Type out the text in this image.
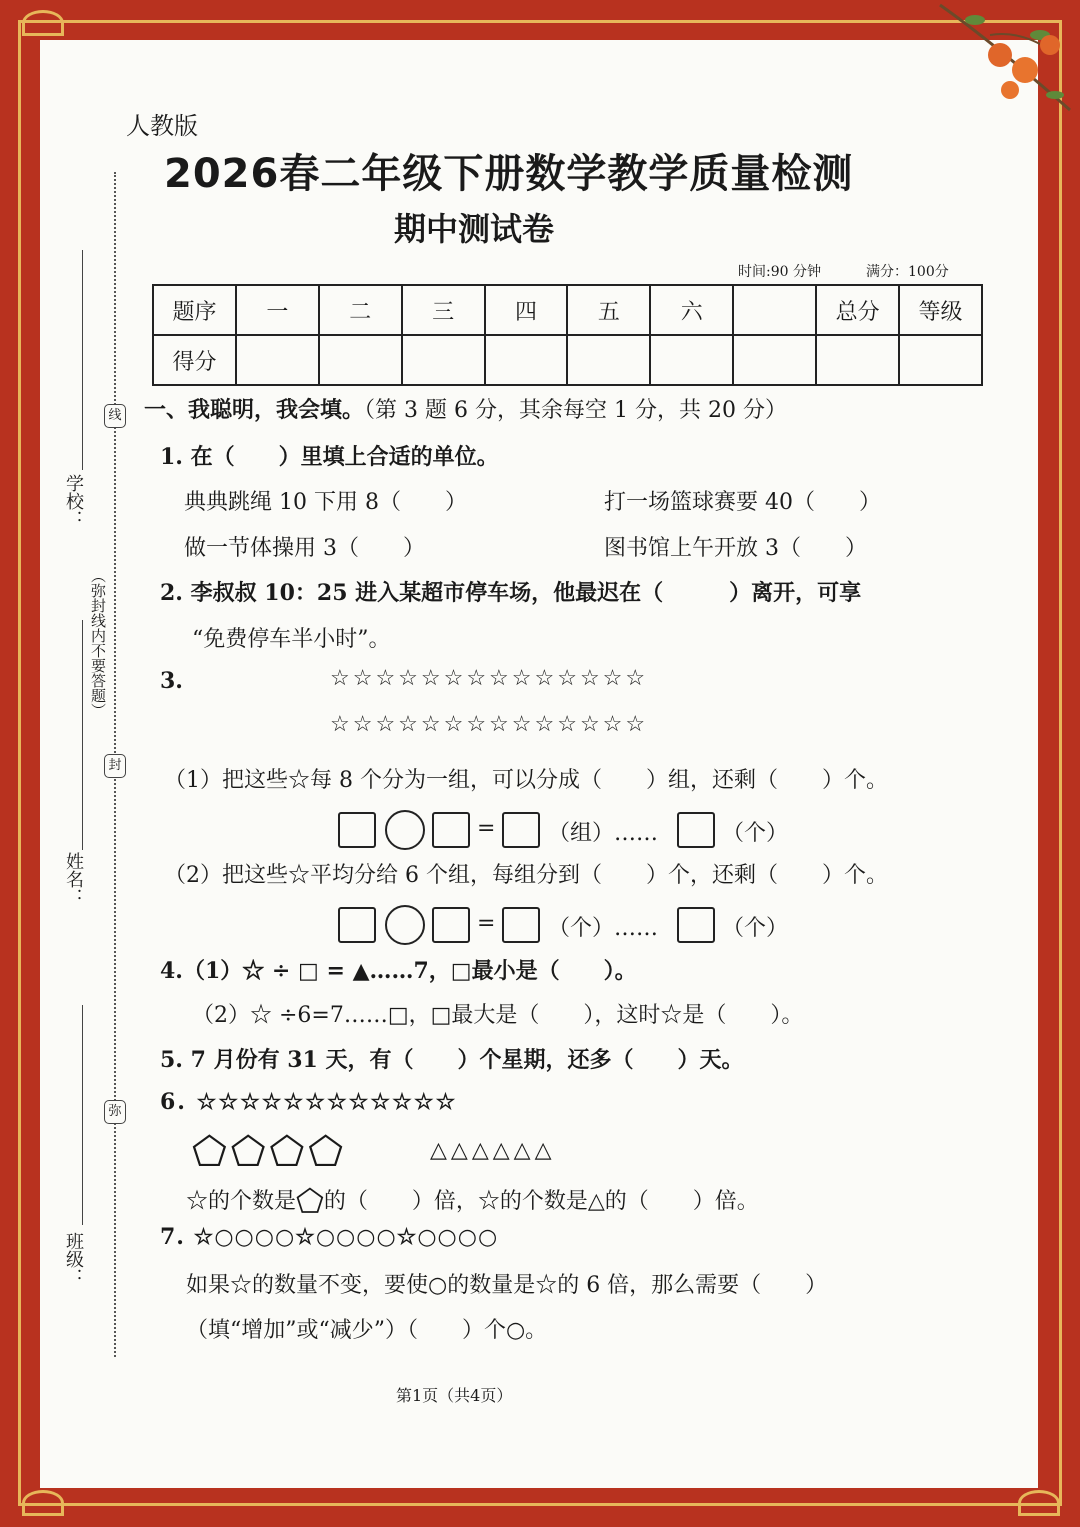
学校：
姓名：
班级：
（弥封线内不要答题）
线
封
弥
人教版
2026春二年级下册数学教学质量检测
期中测试卷
时间:90 分钟	满分：100分
题序	一	二	三	四	五	六		总分	等级
得分									
一、我聪明，我会填。（第 3 题 6 分，其余每空 1 分，共 20 分）
1. 在（　　）里填上合适的单位。
典典跳绳 10 下用 8（　　）	打一场篮球赛要 40（　　）
做一节体操用 3（　　）	图书馆上午开放 3（　　）
2. 李叔叔 10：25 进入某超市停车场，他最迟在（　　　）离开，可享
“免费停车半小时”。
3.	☆☆☆☆☆☆☆☆☆☆☆☆☆☆
☆☆☆☆☆☆☆☆☆☆☆☆☆☆
（1）把这些☆每 8 个分为一组，可以分成（　　）组，还剩（　　）个。
= （组）……	（个）
（2）把这些☆平均分给 6 个组，每组分到（　　）个，还剩（　　）个。
= （个）……	（个）
4.（1）☆ ÷ □ = ▲……7，□最小是（　　）。
（2）☆ ÷6=7……□，□最大是（　　），这时☆是（　　）。
5. 7 月份有 31 天，有（　　）个星期，还多（　　）天。
6. ☆☆☆☆☆☆☆☆☆☆☆☆
⬠⬠⬠⬠	△△△△△△
☆的个数是⬠的（　　）倍，☆的个数是△的（　　）倍。
7. ☆○○○○☆○○○○☆○○○○
如果☆的数量不变，要使○的数量是☆的 6 倍，那么需要（　　）
（填“增加”或“减少”）（　　）个○。
第1页（共4页）
